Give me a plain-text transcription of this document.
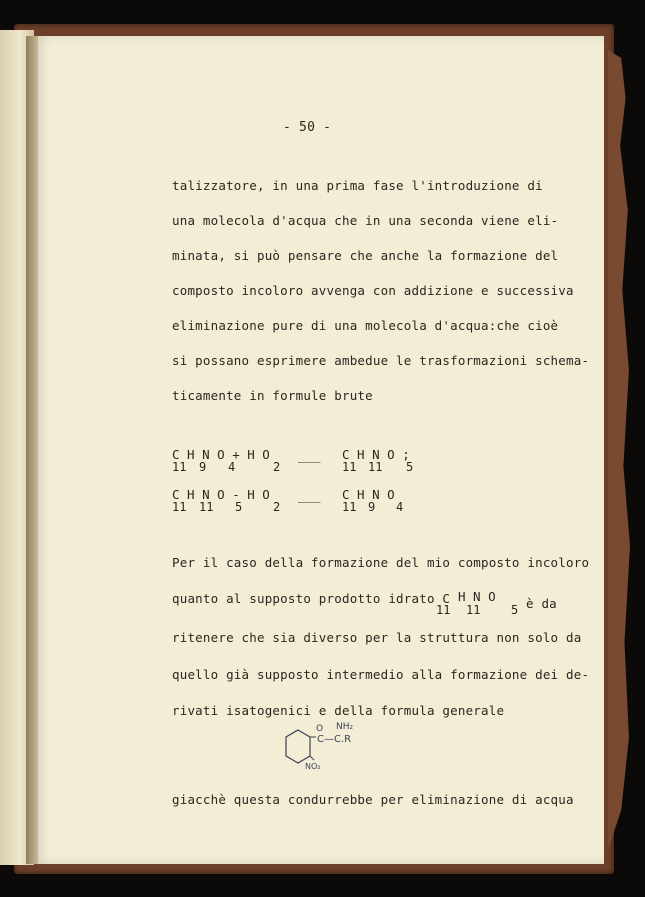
- 50 -
talizzatore, in una prima fase l'introduzione di
una molecola d'acqua che in una seconda viene eli-
minata, si può pensare che anche la formazione del
composto incoloro avvenga con addizione e successiva
eliminazione pure di una molecola d'acqua:che cioè
si possano esprimere ambedue le trasformazioni schema-
ticamente in formule brute
C H N O + H O
11 9 4	2
___ C H N O ;
11 11 5
C H N O - H O
11 11 5	2
___ C H N O
11 9 4
Per il caso della formazione del mio composto incoloro
quanto al supposto prodotto idrato C H N O
11 11	5 è da
ritenere che sia diverso per la struttura non solo da
quello già supposto intermedio alla formazione dei de-
rivati isatogenici e della formula generale
O NH₂
C—C.R
NO₂
giacchè questa condurrebbe per eliminazione di acqua
